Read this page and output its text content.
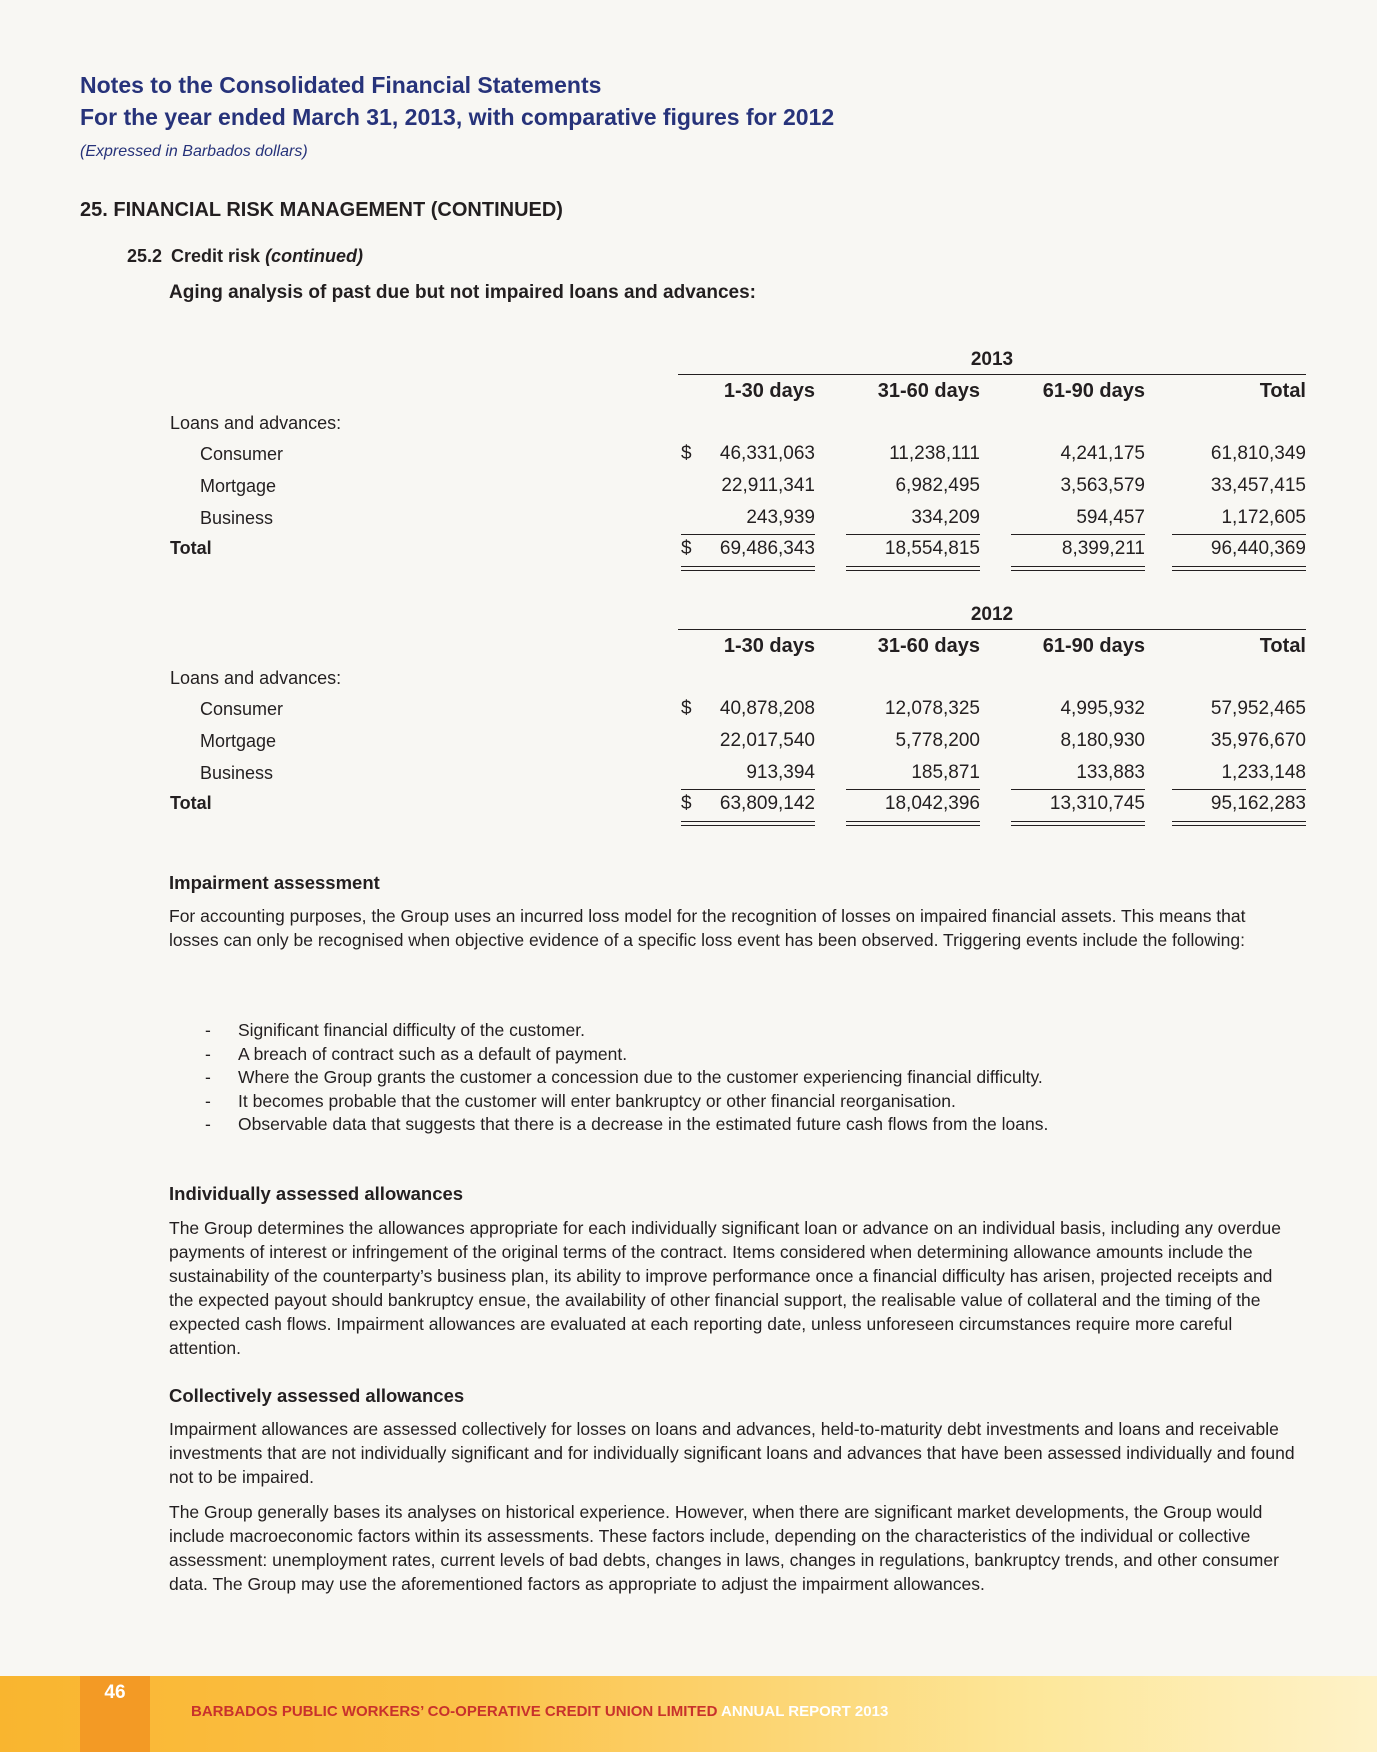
Notes to the Consolidated Financial Statements
For the year ended March 31, 2013, with comparative figures for 2012
(Expressed in Barbados dollars)
25. FINANCIAL RISK MANAGEMENT (CONTINUED)
25.2 Credit risk (continued)
Aging analysis of past due but not impaired loans and advances:
2013
1-30 days	31-60 days	61-90 days	Total
Loans and advances:
Consumer	$ 46,331,063	11,238,111	4,241,175	61,810,349
Mortgage	22,911,341	6,982,495	3,563,579	33,457,415
Business	243,939	334,209	594,457	1,172,605
Total	$ 69,486,343	18,554,815	8,399,211	96,440,369
2012
1-30 days	31-60 days	61-90 days	Total
Loans and advances:
Consumer	$ 40,878,208	12,078,325	4,995,932	57,952,465
Mortgage	22,017,540	5,778,200	8,180,930	35,976,670
Business	913,394	185,871	133,883	1,233,148
Total	$ 63,809,142	18,042,396	13,310,745	95,162,283
Impairment assessment
For accounting purposes, the Group uses an incurred loss model for the recognition of losses on impaired financial assets. This means that losses can only be recognised when objective evidence of a specific loss event has been observed. Triggering events include the following:
- Significant financial difficulty of the customer.
- A breach of contract such as a default of payment.
- Where the Group grants the customer a concession due to the customer experiencing financial difficulty.
- It becomes probable that the customer will enter bankruptcy or other financial reorganisation.
- Observable data that suggests that there is a decrease in the estimated future cash flows from the loans.
Individually assessed allowances
The Group determines the allowances appropriate for each individually significant loan or advance on an individual basis, including any overdue payments of interest or infringement of the original terms of the contract. Items considered when determining allowance amounts include the sustainability of the counterparty’s business plan, its ability to improve performance once a financial difficulty has arisen, projected receipts and the expected payout should bankruptcy ensue, the availability of other financial support, the realisable value of collateral and the timing of the expected cash flows. Impairment allowances are evaluated at each reporting date, unless unforeseen circumstances require more careful attention.
Collectively assessed allowances
Impairment allowances are assessed collectively for losses on loans and advances, held-to-maturity debt investments and loans and receivable investments that are not individually significant and for individually significant loans and advances that have been assessed individually and found not to be impaired.
The Group generally bases its analyses on historical experience. However, when there are significant market developments, the Group would include macroeconomic factors within its assessments. These factors include, depending on the characteristics of the individual or collective assessment: unemployment rates, current levels of bad debts, changes in laws, changes in regulations, bankruptcy trends, and other consumer data. The Group may use the aforementioned factors as appropriate to adjust the impairment allowances.
46
BARBADOS PUBLIC WORKERS’ CO-OPERATIVE CREDIT UNION LIMITED ANNUAL REPORT 2013
